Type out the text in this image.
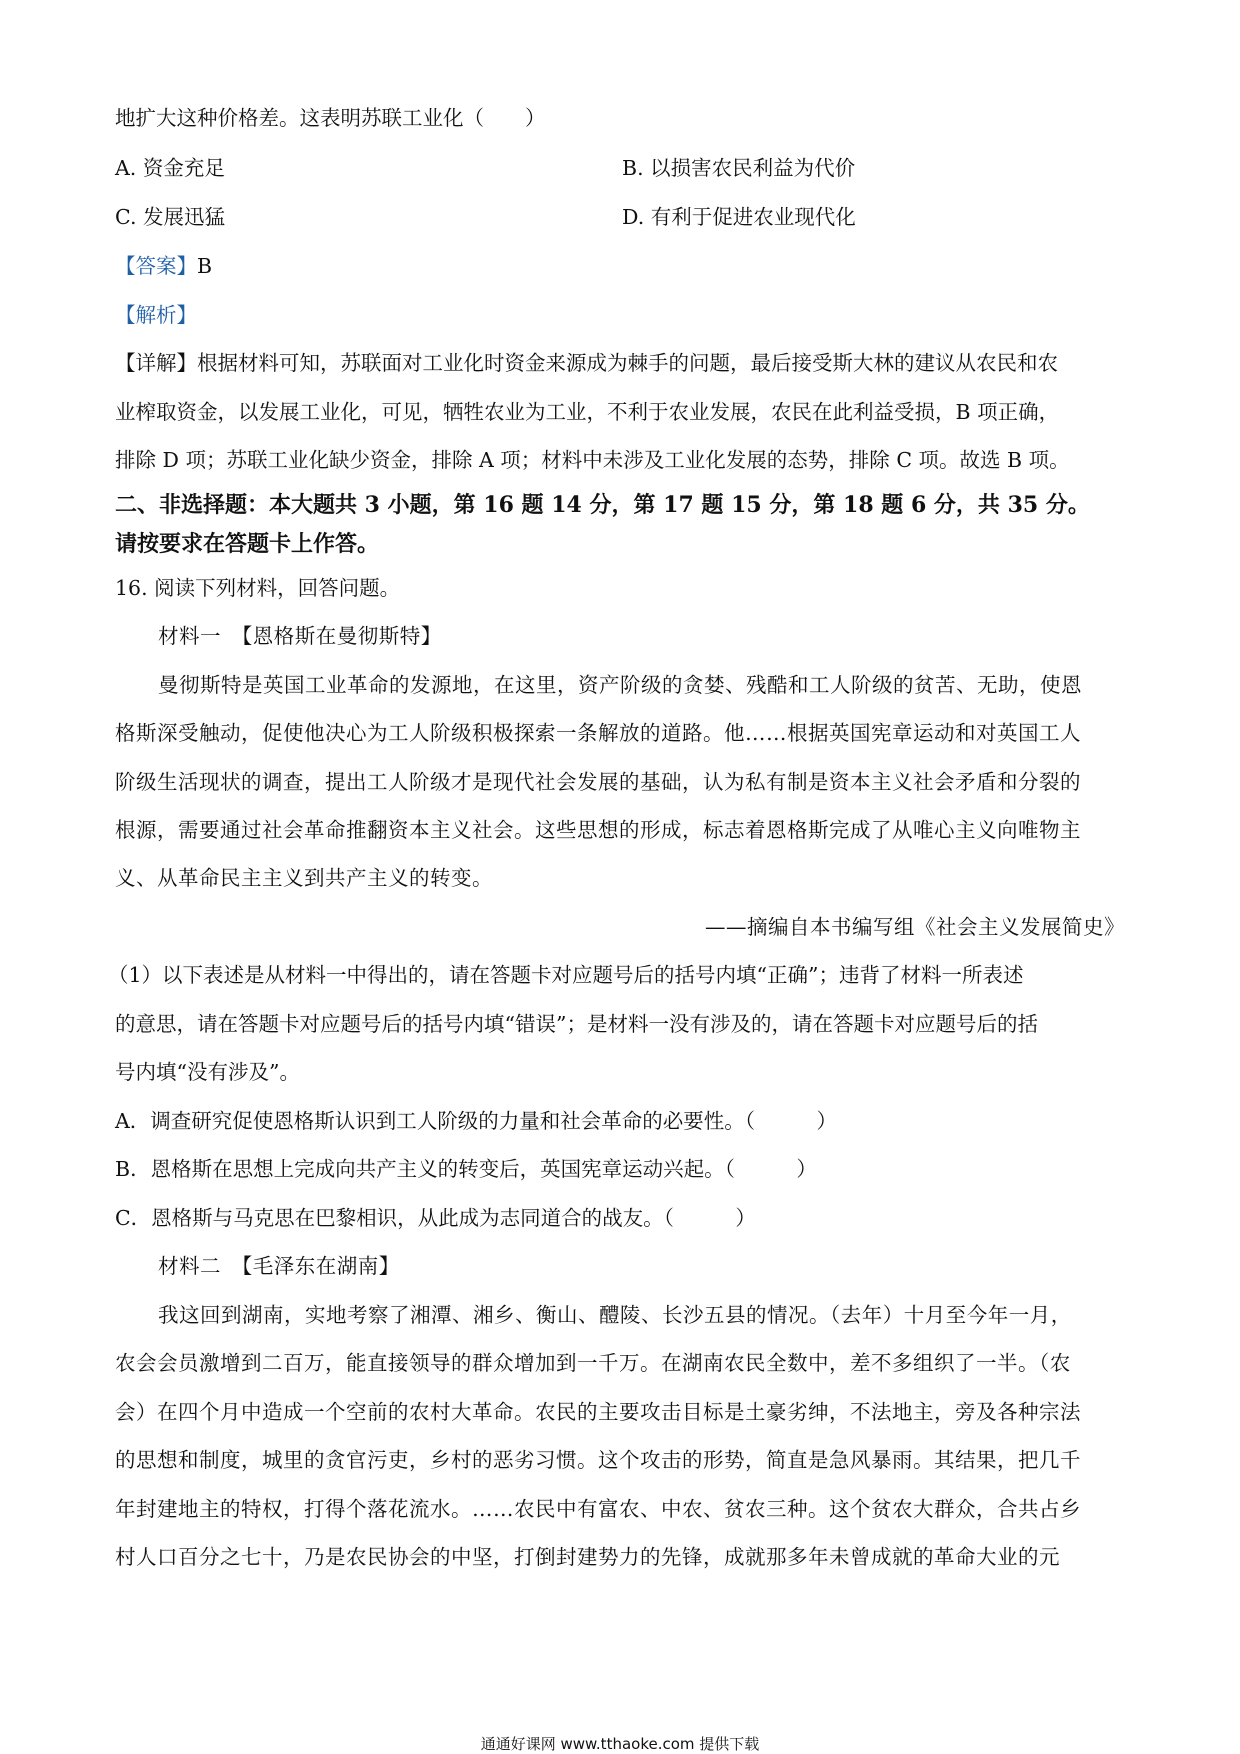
地扩大这种价格差。这表明苏联工业化（　　）
A. 资金充足	B. 以损害农民利益为代价
C. 发展迅猛	D. 有利于促进农业现代化
【答案】B
【解析】
【详解】根据材料可知，苏联面对工业化时资金来源成为棘手的问题，最后接受斯大林的建议从农民和农
业榨取资金，以发展工业化，可见，牺牲农业为工业，不利于农业发展，农民在此利益受损，B 项正确，
排除 D 项；苏联工业化缺少资金，排除 A 项；材料中未涉及工业化发展的态势，排除 C 项。故选 B 项。
二、非选择题：本大题共 3 小题，第 16 题 14 分，第 17 题 15 分，第 18 题 6 分，共 35 分。
请按要求在答题卡上作答。
16. 阅读下列材料，回答问题。
材料一　【恩格斯在曼彻斯特】
曼彻斯特是英国工业革命的发源地，在这里，资产阶级的贪婪、残酷和工人阶级的贫苦、无助，使恩
格斯深受触动，促使他决心为工人阶级积极探索一条解放的道路。他……根据英国宪章运动和对英国工人
阶级生活现状的调查，提出工人阶级才是现代社会发展的基础，认为私有制是资本主义社会矛盾和分裂的
根源，需要通过社会革命推翻资本主义社会。这些思想的形成，标志着恩格斯完成了从唯心主义向唯物主
义、从革命民主主义到共产主义的转变。
——摘编自本书编写组《社会主义发展简史》
（1）以下表述是从材料一中得出的，请在答题卡对应题号后的括号内填“正确”；违背了材料一所表述
的意思，请在答题卡对应题号后的括号内填“错误”；是材料一没有涉及的，请在答题卡对应题号后的括
号内填“没有涉及”。
A．调查研究促使恩格斯认识到工人阶级的力量和社会革命的必要性。（　　　）
B．恩格斯在思想上完成向共产主义的转变后，英国宪章运动兴起。（　　　）
C．恩格斯与马克思在巴黎相识，从此成为志同道合的战友。（　　　）
材料二　【毛泽东在湖南】
我这回到湖南，实地考察了湘潭、湘乡、衡山、醴陵、长沙五县的情况。（去年）十月至今年一月，
农会会员激增到二百万，能直接领导的群众增加到一千万。在湖南农民全数中，差不多组织了一半。（农
会）在四个月中造成一个空前的农村大革命。农民的主要攻击目标是土豪劣绅，不法地主，旁及各种宗法
的思想和制度，城里的贪官污吏，乡村的恶劣习惯。这个攻击的形势，简直是急风暴雨。其结果，把几千
年封建地主的特权，打得个落花流水。……农民中有富农、中农、贫农三种。这个贫农大群众，合共占乡
村人口百分之七十，乃是农民协会的中坚，打倒封建势力的先锋，成就那多年未曾成就的革命大业的元
通通好课网 www.tthaoke.com 提供下载
